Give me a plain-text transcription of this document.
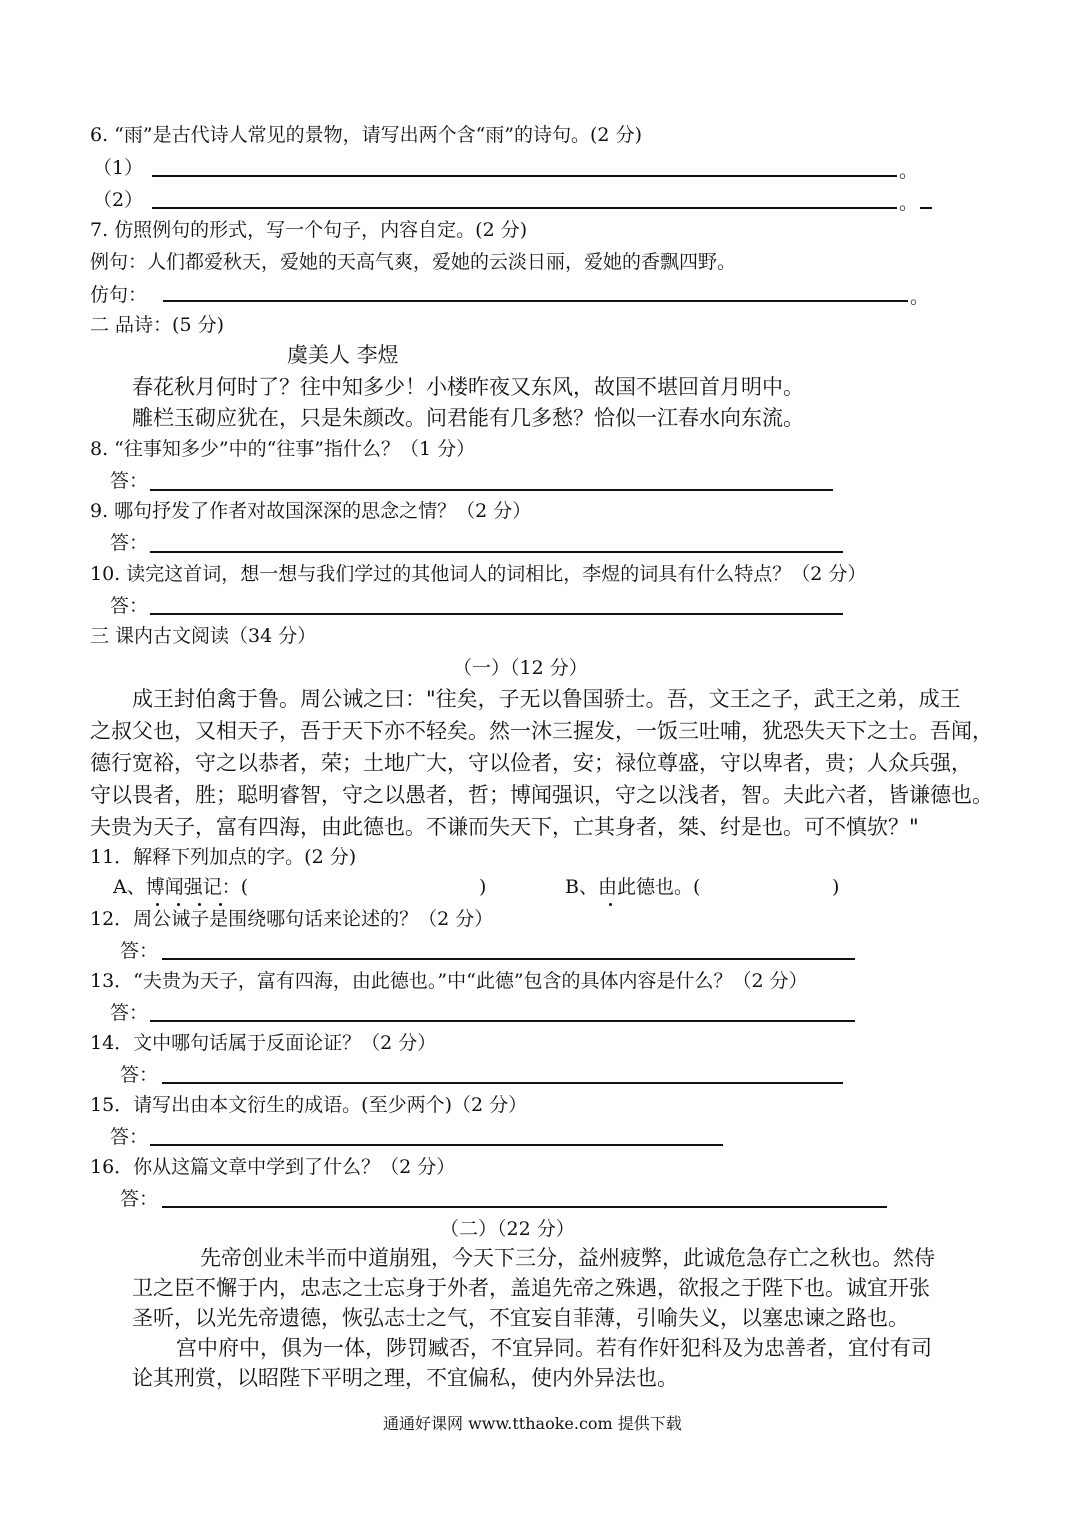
6. “雨”是古代诗人常见的景物，请写出两个含“雨”的诗句。(2 分)
（1）	。
（2）	。
7. 仿照例句的形式，写一个句子，内容自定。(2 分)
例句：人们都爱秋天，爱她的天高气爽，爱她的云淡日丽，爱她的香飘四野。
仿句：	。
二 品诗：(5 分)
虞美人 李煜
春花秋月何时了？往中知多少！小楼昨夜又东风，故国不堪回首月明中。
雕栏玉砌应犹在，只是朱颜改。问君能有几多愁？恰似一江春水向东流。
8. “往事知多少”中的“往事”指什么？（1 分）
答：
9. 哪句抒发了作者对故国深深的思念之情？（2 分）
答：
10. 读完这首词，想一想与我们学过的其他词人的词相比，李煜的词具有什么特点？（2 分）
答：
三 课内古文阅读（34 分）
（一）（12 分）
成王封伯禽于鲁。周公诫之曰："往矣，子无以鲁国骄士。吾，文王之子，武王之弟，成王
之叔父也，又相天子，吾于天下亦不轻矣。然一沐三握发，一饭三吐哺，犹恐失天下之士。吾闻，
德行宽裕，守之以恭者，荣；土地广大，守以俭者，安；禄位尊盛，守以卑者，贵；人众兵强，
守以畏者，胜；聪明睿智，守之以愚者，哲；博闻强识，守之以浅者，智。夫此六者，皆谦德也。
夫贵为天子，富有四海，由此德也。不谦而失天下，亡其身者，桀、纣是也。可不慎欤？"
11．解释下列加点的字。(2 分)
A、博闻强记：(	)	B、由此德也。(	)
12．周公诫子是围绕哪句话来论述的？（2 分）
答：
13．“夫贵为天子，富有四海，由此德也。”中“此德”包含的具体内容是什么？（2 分）
答：
14．文中哪句话属于反面论证？（2 分）
答：
15．请写出由本文衍生的成语。(至少两个)（2 分）
答：
16．你从这篇文章中学到了什么？（2 分）
答：
（二）（22 分）
先帝创业未半而中道崩殂，今天下三分，益州疲弊，此诚危急存亡之秋也。然侍
卫之臣不懈于内，忠志之士忘身于外者，盖追先帝之殊遇，欲报之于陛下也。诚宜开张
圣听，以光先帝遗德，恢弘志士之气，不宜妄自菲薄，引喻失义，以塞忠谏之路也。
宫中府中，俱为一体，陟罚臧否，不宜异同。若有作奸犯科及为忠善者，宜付有司
论其刑赏，以昭陛下平明之理，不宜偏私，使内外异法也。
通通好课网 www.tthaoke.com 提供下载
